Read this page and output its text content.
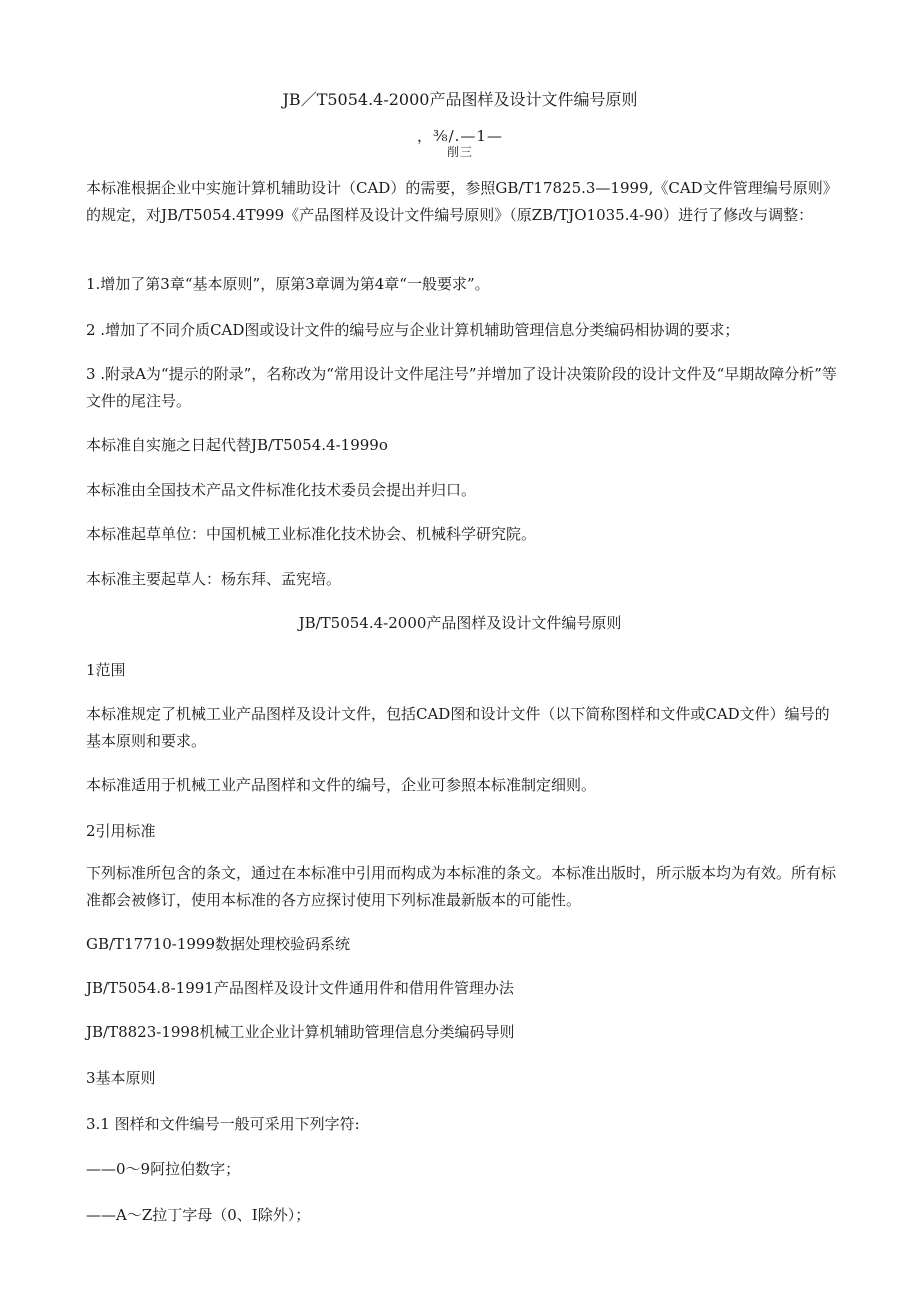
JB／T5054.4-2000产品图样及设计文件编号原则

，⅜∕.—1—

削三

本标准根据企业中实施计算机辅助设计（CAD）的需要，参照GB/T17825.3—1999,《CAD文件管理编号原则》的规定，对JB/T5054.4T999《产品图样及设计文件编号原则》（原ZB/TJO1035.4-90）进行了修改与调整：

1.增加了第3章“基本原则”，原第3章调为第4章“一般要求”。

2 .增加了不同介质CAD图或设计文件的编号应与企业计算机辅助管理信息分类编码相协调的要求；

3 .附录A为“提示的附录”，名称改为“常用设计文件尾注号”并增加了设计决策阶段的设计文件及“早期故障分析”等文件的尾注号。

本标准自实施之日起代替JB/T5054.4-1999o

本标准由全国技术产品文件标准化技术委员会提出并归口。

本标准起草单位：中国机械工业标准化技术协会、机械科学研究院。

本标准主要起草人：杨东拜、孟宪培。

JB/T5054.4-2000产品图样及设计文件编号原则

1范围

本标准规定了机械工业产品图样及设计文件，包括CAD图和设计文件（以下简称图样和文件或CAD文件）编号的基本原则和要求。

本标准适用于机械工业产品图样和文件的编号，企业可参照本标准制定细则。

2引用标准

下列标准所包含的条文，通过在本标准中引用而构成为本标准的条文。本标准出版时，所示版本均为有效。所有标准都会被修订，使用本标准的各方应探讨使用下列标准最新版本的可能性。

GB/T17710-1999数据处理校验码系统

JB/T5054.8-1991产品图样及设计文件通用件和借用件管理办法

JB/T8823-1998机械工业企业计算机辅助管理信息分类编码导则

3基本原则

3.1 图样和文件编号一般可采用下列字符:

——0～9阿拉伯数字；

——A～Z拉丁字母（0、I除外）；
